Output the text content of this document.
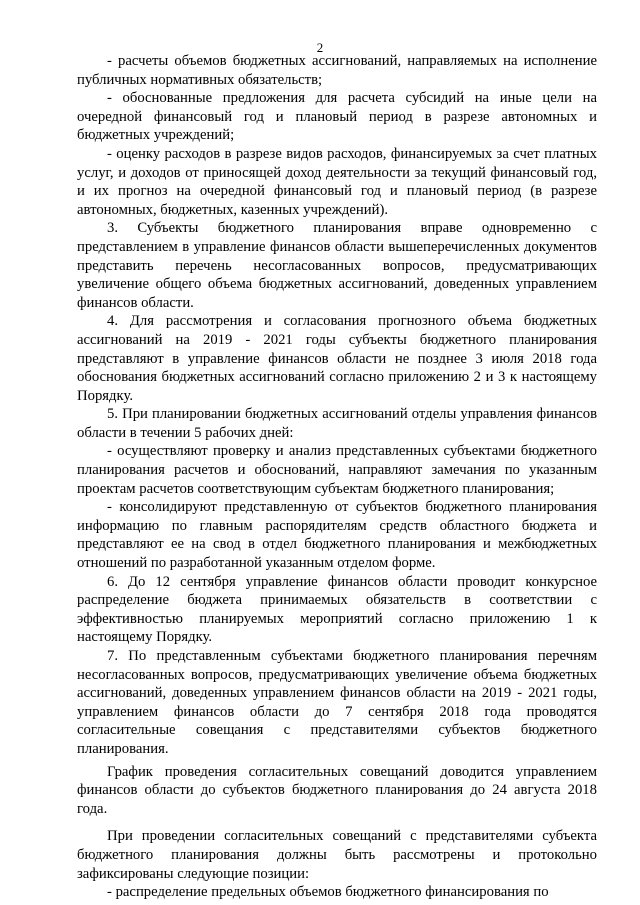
2

- расчеты объемов бюджетных ассигнований, направляемых на исполнение публичных нормативных обязательств;

- обоснованные предложения для расчета субсидий на иные цели на очередной финансовый год и плановый период в разрезе автономных и бюджетных учреждений;

- оценку расходов в разрезе видов расходов, финансируемых за счет платных услуг, и доходов от приносящей доход деятельности за текущий финансовый год, и их прогноз на очередной финансовый год и плановый период (в разрезе автономных, бюджетных, казенных учреждений).

3. Субъекты бюджетного планирования вправе одновременно с представлением в управление финансов области вышеперечисленных документов представить перечень несогласованных вопросов, предусматривающих увеличение общего объема бюджетных ассигнований, доведенных управлением финансов области.

4. Для рассмотрения и согласования прогнозного объема бюджетных ассигнований на 2019 - 2021 годы субъекты бюджетного планирования представляют в управление финансов области не позднее 3 июля 2018 года обоснования бюджетных ассигнований согласно приложению 2 и 3 к настоящему Порядку.

5. При планировании бюджетных ассигнований отделы управления финансов области в течении 5 рабочих дней:

- осуществляют проверку и анализ представленных субъектами бюджетного планирования расчетов и обоснований, направляют замечания по указанным проектам расчетов соответствующим субъектам бюджетного планирования;

- консолидируют представленную от субъектов бюджетного планирования информацию по главным распорядителям средств областного бюджета и представляют ее на свод в отдел бюджетного планирования и межбюджетных отношений по разработанной указанным отделом форме.

6. До 12 сентября управление финансов области проводит конкурсное распределение бюджета принимаемых обязательств в соответствии с эффективностью планируемых мероприятий согласно приложению 1 к настоящему Порядку.

7. По представленным субъектами бюджетного планирования перечням несогласованных вопросов, предусматривающих увеличение объема бюджетных ассигнований, доведенных управлением финансов области на 2019 - 2021 годы, управлением финансов области до 7 сентября 2018 года проводятся согласительные совещания с представителями субъектов бюджетного планирования.

График проведения согласительных совещаний доводится управлением финансов области до субъектов бюджетного планирования до 24 августа 2018 года.

При проведении согласительных совещаний с представителями субъекта бюджетного планирования должны быть рассмотрены и протокольно зафиксированы следующие позиции:

- распределение предельных объемов бюджетного финансирования по
